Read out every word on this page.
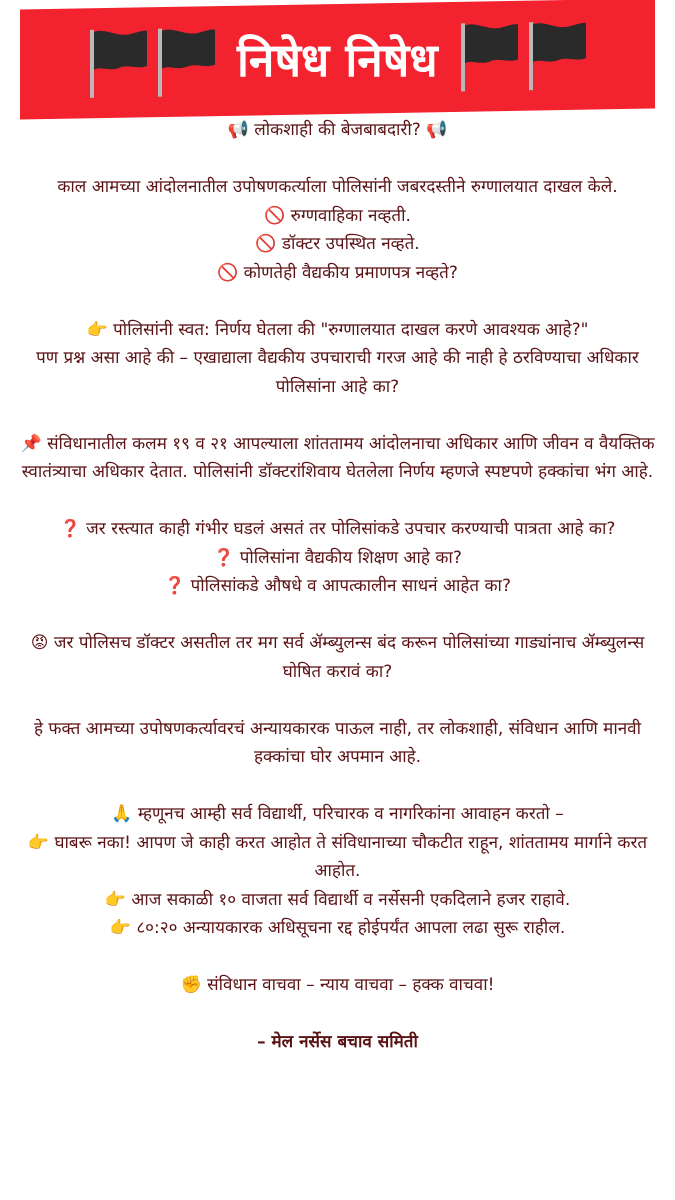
निषेध निषेध

📢 लोकशाही की बेजबाबदारी? 📢

काल आमच्या आंदोलनातील उपोषणकर्त्याला पोलिसांनी जबरदस्तीने रुग्णालयात दाखल केले.

🚫 रुग्णवाहिका नव्हती.

🚫 डॉक्टर उपस्थित नव्हते.

🚫 कोणतेही वैद्यकीय प्रमाणपत्र नव्हते?

👉 पोलिसांनी स्वत: निर्णय घेतला की "रुग्णालयात दाखल करणे आवश्यक आहे?"

पण प्रश्न असा आहे की – एखाद्याला वैद्यकीय उपचाराची गरज आहे की नाही हे ठरविण्याचा अधिकार

पोलिसांना आहे का?

📌 संविधानातील कलम १९ व २१ आपल्याला शांततामय आंदोलनाचा अधिकार आणि जीवन व वैयक्तिक

स्वातंत्र्याचा अधिकार देतात. पोलिसांनी डॉक्टरांशिवाय घेतलेला निर्णय म्हणजे स्पष्टपणे हक्कांचा भंग आहे.

❓ जर रस्त्यात काही गंभीर घडलं असतं तर पोलिसांकडे उपचार करण्याची पात्रता आहे का?

❓ पोलिसांना वैद्यकीय शिक्षण आहे का?

❓ पोलिसांकडे औषधे व आपत्कालीन साधनं आहेत का?

😡 जर पोलिसच डॉक्टर असतील तर मग सर्व ॲम्ब्युलन्स बंद करून पोलिसांच्या गाड्यांनाच ॲम्ब्युलन्स

घोषित करावं का?

हे फक्त आमच्या उपोषणकर्त्यावरचं अन्यायकारक पाऊल नाही, तर लोकशाही, संविधान आणि मानवी

हक्कांचा घोर अपमान आहे.

🙏 म्हणूनच आम्ही सर्व विद्यार्थी, परिचारक व नागरिकांना आवाहन करतो –

👉 घाबरू नका! आपण जे काही करत आहोत ते संविधानाच्या चौकटीत राहून, शांततामय मार्गाने करत

आहोत.

👉 आज सकाळी १० वाजता सर्व विद्यार्थी व नर्सेसनी एकदिलाने हजर राहावे.

👉 ८०:२० अन्यायकारक अधिसूचना रद्द होईपर्यंत आपला लढा सुरू राहील.

✊ संविधान वाचवा – न्याय वाचवा – हक्क वाचवा!

– मेल नर्सेस बचाव समिती
